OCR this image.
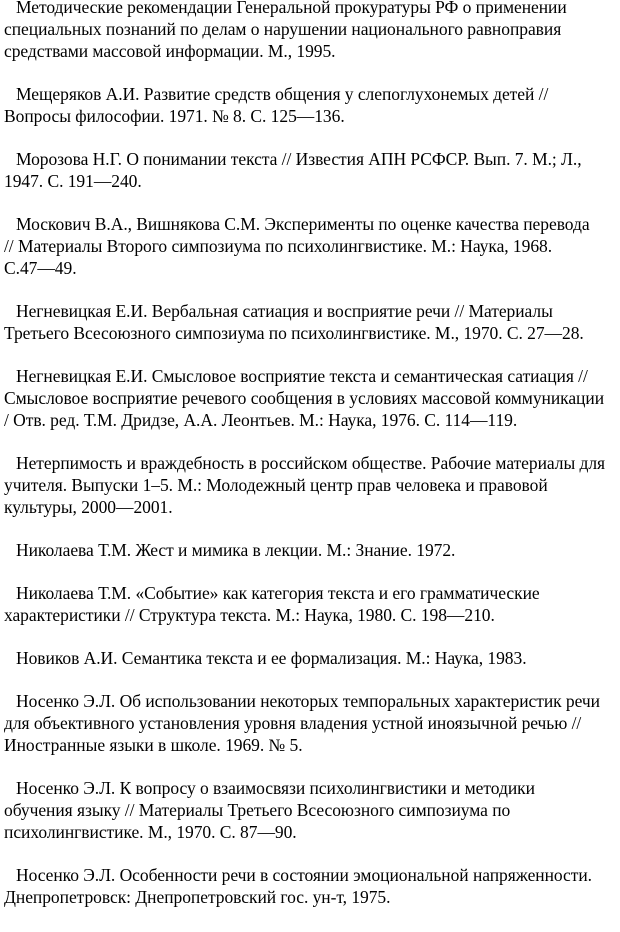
Методические рекомендации Генеральной прокуратуры РФ о применении
специальных познаний по делам о нарушении национального равноправия
средствами массовой информации. М., 1995.
Мещеряков А.И. Развитие средств общения у слепоглухонемых детей //
Вопросы философии. 1971. № 8. С. 125—136.
Морозова Н.Г. О понимании текста // Известия АПН РСФСР. Вып. 7. М.; Л.,
1947. С. 191—240.
Москович В.А., Вишнякова С.М. Эксперименты по оценке качества перевода
// Материалы Второго симпозиума по психолингвистике. М.: Наука, 1968.
С.47—49.
Негневицкая Е.И. Вербальная сатиация и восприятие речи // Материалы
Третьего Всесоюзного симпозиума по психолингвистике. М., 1970. С. 27—28.
Негневицкая Е.И. Смысловое восприятие текста и семантическая сатиация //
Смысловое восприятие речевого сообщения в условиях массовой коммуникации
/ Отв. ред. Т.М. Дридзе, А.А. Леонтьев. М.: Наука, 1976. С. 114—119.
Нетерпимость и враждебность в российском обществе. Рабочие материалы для
учителя. Выпуски 1–5. М.: Молодежный центр прав человека и правовой
культуры, 2000—2001.
Николаева Т.М. Жест и мимика в лекции. М.: Знание. 1972.
Николаева Т.М. «Событие» как категория текста и его грамматические
характеристики // Структура текста. М.: Наука, 1980. С. 198—210.
Новиков А.И. Семантика текста и ее формализация. М.: Наука, 1983.
Носенко Э.Л. Об использовании некоторых темпоральных характеристик речи
для объективного установления уровня владения устной иноязычной речью //
Иностранные языки в школе. 1969. № 5.
Носенко Э.Л. К вопросу о взаимосвязи психолингвистики и методики
обучения языку // Материалы Третьего Всесоюзного симпозиума по
психолингвистике. М., 1970. С. 87—90.
Носенко Э.Л. Особенности речи в состоянии эмоциональной напряженности.
Днепропетровск: Днепропетровский гос. ун-т, 1975.
